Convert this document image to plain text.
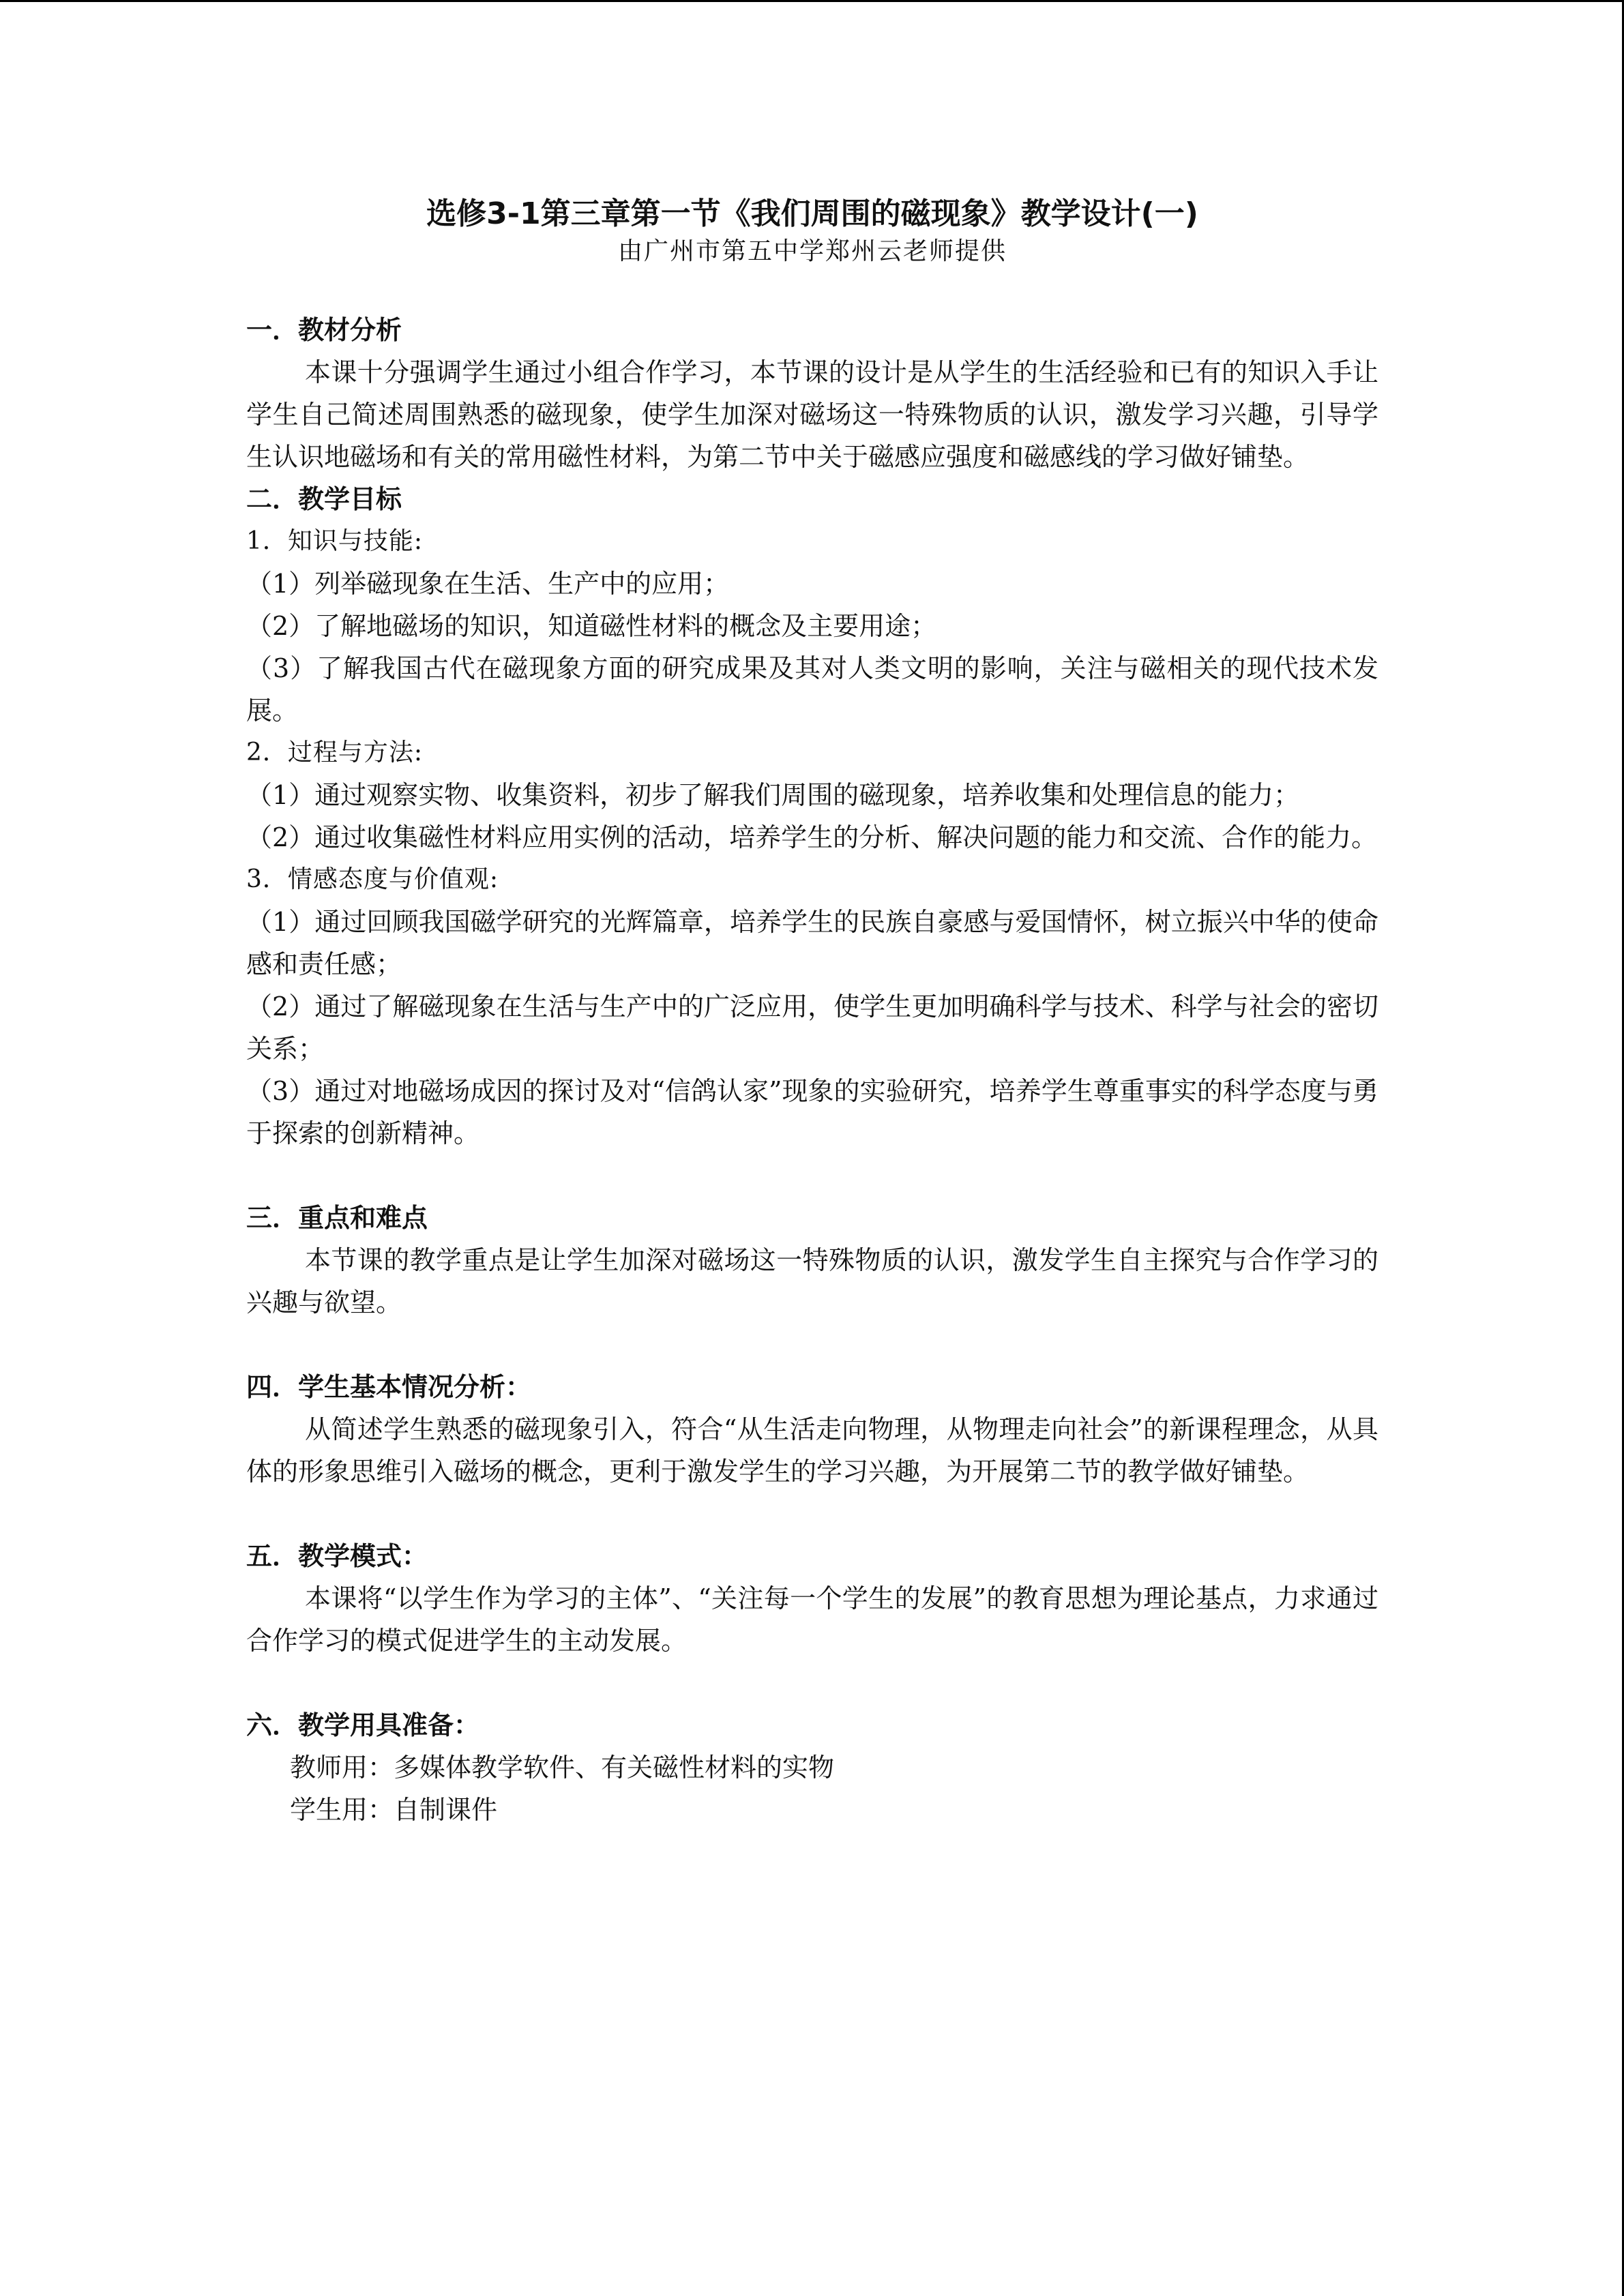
选修3-1第三章第一节《我们周围的磁现象》教学设计(一)

由广州市第五中学郑州云老师提供

一．教材分析

本课十分强调学生通过小组合作学习，本节课的设计是从学生的生活经验和已有的知识入手让学生自己简述周围熟悉的磁现象，使学生加深对磁场这一特殊物质的认识，激发学习兴趣，引导学生认识地磁场和有关的常用磁性材料，为第二节中关于磁感应强度和磁感线的学习做好铺垫。

二．教学目标

1．知识与技能:

（1）列举磁现象在生活、生产中的应用；

（2）了解地磁场的知识，知道磁性材料的概念及主要用途；

（3）了解我国古代在磁现象方面的研究成果及其对人类文明的影响，关注与磁相关的现代技术发展。

2．过程与方法:

（1）通过观察实物、收集资料，初步了解我们周围的磁现象，培养收集和处理信息的能力；

（2）通过收集磁性材料应用实例的活动，培养学生的分析、解决问题的能力和交流、合作的能力。

3．情感态度与价值观:

（1）通过回顾我国磁学研究的光辉篇章，培养学生的民族自豪感与爱国情怀，树立振兴中华的使命感和责任感；

（2）通过了解磁现象在生活与生产中的广泛应用，使学生更加明确科学与技术、科学与社会的密切关系；

（3）通过对地磁场成因的探讨及对“信鸽认家”现象的实验研究，培养学生尊重事实的科学态度与勇于探索的创新精神。

三．重点和难点

本节课的教学重点是让学生加深对磁场这一特殊物质的认识，激发学生自主探究与合作学习的兴趣与欲望。

四．学生基本情况分析：

从简述学生熟悉的磁现象引入，符合“从生活走向物理，从物理走向社会”的新课程理念，从具体的形象思维引入磁场的概念，更利于激发学生的学习兴趣，为开展第二节的教学做好铺垫。

五．教学模式：

本课将“以学生作为学习的主体”、“关注每一个学生的发展”的教育思想为理论基点，力求通过合作学习的模式促进学生的主动发展。

六．教学用具准备：

教师用：多媒体教学软件、有关磁性材料的实物

学生用：自制课件
